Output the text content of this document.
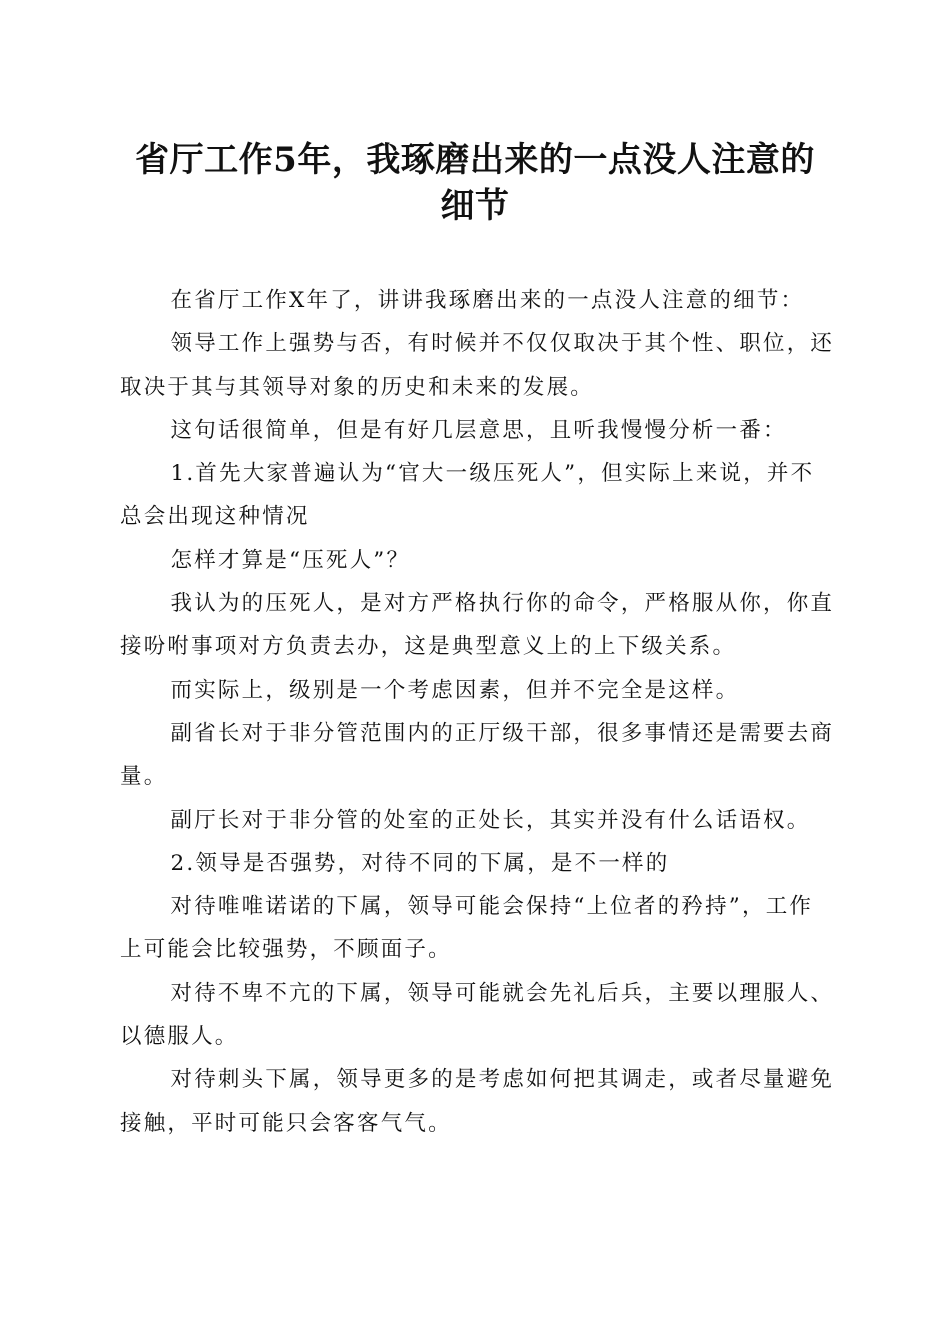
省厅工作5年，我琢磨出来的一点没人注意的
细节

在省厅工作X年了，讲讲我琢磨出来的一点没人注意的细节：

领导工作上强势与否，有时候并不仅仅取决于其个性、职位，还取决于其与其领导对象的历史和未来的发展。

这句话很简单，但是有好几层意思，且听我慢慢分析一番：

1.首先大家普遍认为“官大一级压死人”，但实际上来说，并不总会出现这种情况

怎样才算是“压死人”？

我认为的压死人，是对方严格执行你的命令，严格服从你，你直接吩咐事项对方负责去办，这是典型意义上的上下级关系。

而实际上，级别是一个考虑因素，但并不完全是这样。

副省长对于非分管范围内的正厅级干部，很多事情还是需要去商量。

副厅长对于非分管的处室的正处长，其实并没有什么话语权。

2.领导是否强势，对待不同的下属，是不一样的

对待唯唯诺诺的下属，领导可能会保持“上位者的矜持”，工作上可能会比较强势，不顾面子。

对待不卑不亢的下属，领导可能就会先礼后兵，主要以理服人、以德服人。

对待刺头下属，领导更多的是考虑如何把其调走，或者尽量避免接触，平时可能只会客客气气。
